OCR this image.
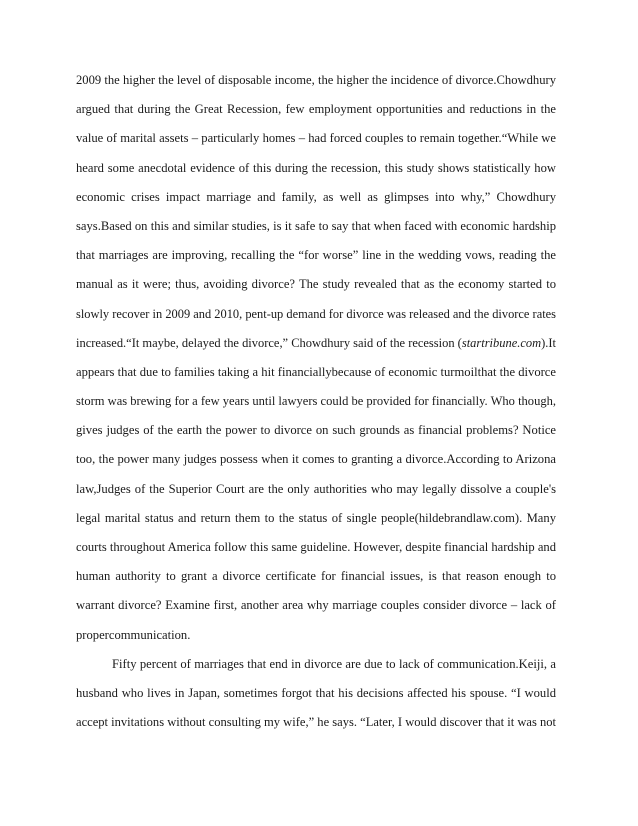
2009 the higher the level of disposable income, the higher the incidence of divorce.Chowdhury
argued that during the Great Recession, few employment opportunities and reductions in the
value of marital assets – particularly homes – had forced couples to remain together.“While we
heard some anecdotal evidence of this during the recession, this study shows statistically how
economic crises impact marriage and family, as well as glimpses into why,” Chowdhury
says.Based on this and similar studies, is it safe to say that when faced with economic hardship
that marriages are improving, recalling the “for worse” line in the wedding vows, reading the
manual as it were; thus, avoiding divorce? The study revealed that as the economy started to
slowly recover in 2009 and 2010, pent-up demand for divorce was released and the divorce rates
increased.“It maybe, delayed the divorce,” Chowdhury said of the recession ( startribune.com ).It
appears that due to families taking a hit financiallybecause of economic turmoilthat the divorce
storm was brewing for a few years until lawyers could be provided for financially. Who though,
gives judges of the earth the power to divorce on such grounds as financial problems? Notice
too, the power many judges possess when it comes to granting a divorce.According to Arizona
law,Judges of the Superior Court are the only authorities who may legally dissolve a couple's
legal marital status and return them to the status of single people(hildebrandlaw.com). Many
courts throughout America follow this same guideline. However, despite financial hardship and
human authority to grant a divorce certificate for financial issues, is that reason enough to
warrant divorce? Examine first, another area why marriage couples consider divorce – lack of
propercommunication.
Fifty percent of marriages that end in divorce are due to lack of communication.Keiji, a
husband who lives in Japan, sometimes forgot that his decisions affected his spouse. “I would
accept invitations without consulting my wife,” he says. “Later, I would discover that it was not
